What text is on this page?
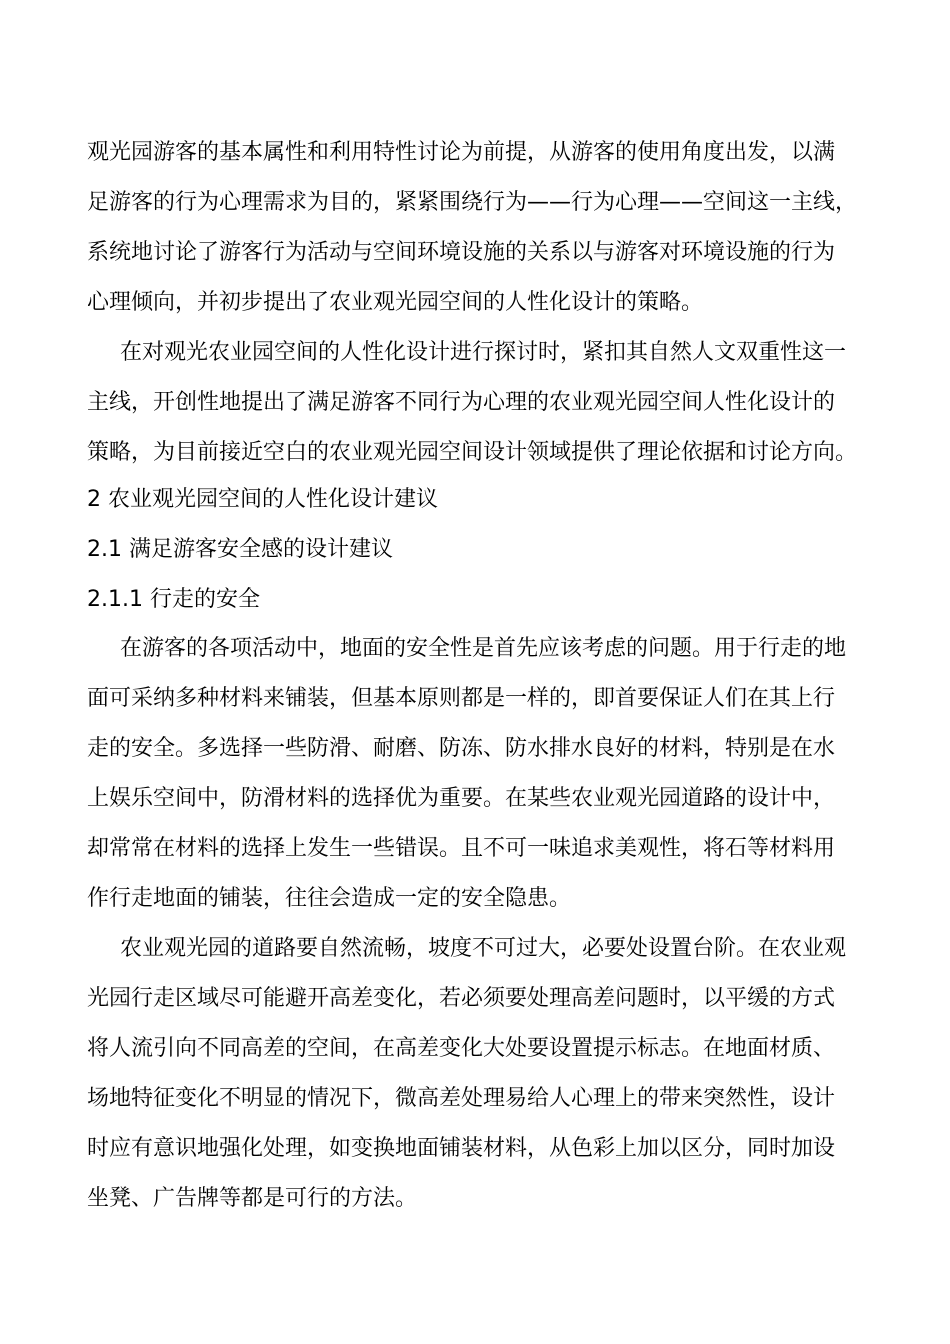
观光园游客的基本属性和利用特性讨论为前提，从游客的使用角度出发，以满
足游客的行为心理需求为目的，紧紧围绕行为——行为心理——空间这一主线，
系统地讨论了游客行为活动与空间环境设施的关系以与游客对环境设施的行为
心理倾向，并初步提出了农业观光园空间的人性化设计的策略。
在对观光农业园空间的人性化设计进行探讨时，紧扣其自然人文双重性这一
主线，开创性地提出了满足游客不同行为心理的农业观光园空间人性化设计的
策略，为目前接近空白的农业观光园空间设计领域提供了理论依据和讨论方向。
2 农业观光园空间的人性化设计建议
2.1 满足游客安全感的设计建议
2.1.1 行走的安全
在游客的各项活动中，地面的安全性是首先应该考虑的问题。用于行走的地
面可采纳多种材料来铺装，但基本原则都是一样的，即首要保证人们在其上行
走的安全。多选择一些防滑、耐磨、防冻、防水排水良好的材料，特别是在水
上娱乐空间中，防滑材料的选择优为重要。在某些农业观光园道路的设计中，
却常常在材料的选择上发生一些错误。且不可一味追求美观性，将石等材料用
作行走地面的铺装，往往会造成一定的安全隐患。
农业观光园的道路要自然流畅，坡度不可过大，必要处设置台阶。在农业观
光园行走区域尽可能避开高差变化，若必须要处理高差问题时，以平缓的方式
将人流引向不同高差的空间，在高差变化大处要设置提示标志。在地面材质、
场地特征变化不明显的情况下，微高差处理易给人心理上的带来突然性，设计
时应有意识地强化处理，如变换地面铺装材料，从色彩上加以区分，同时加设
坐凳、广告牌等都是可行的方法。
